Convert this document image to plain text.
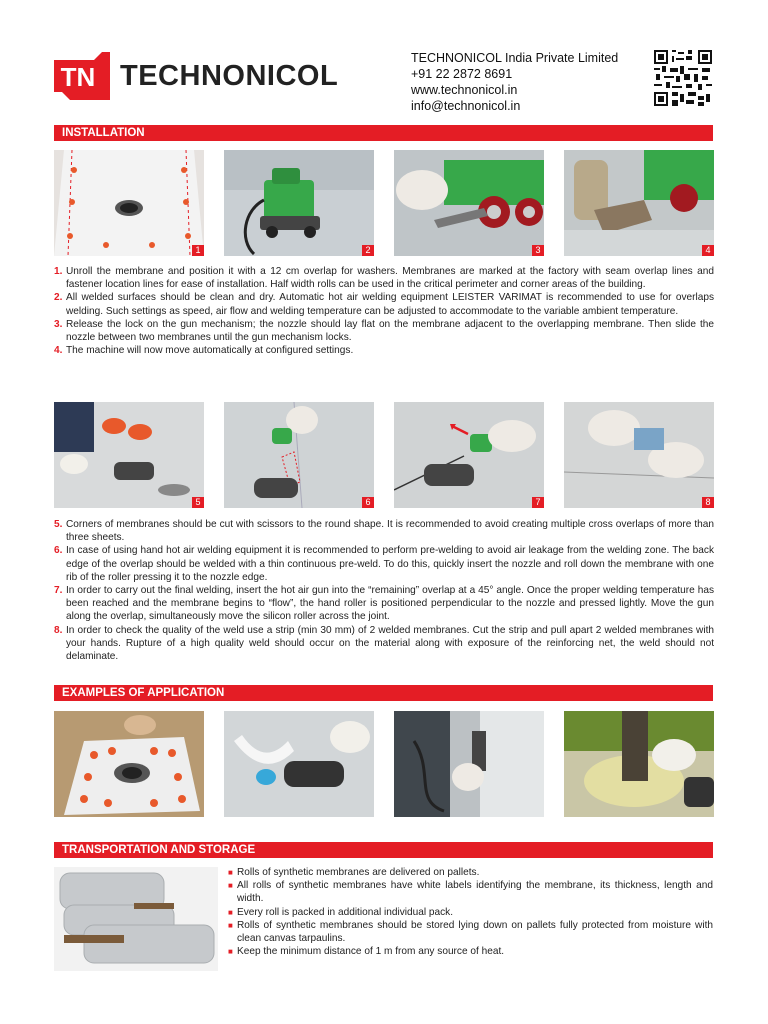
TN TECHNONICOL
TECHNONICOL India Private Limited
+91 22 2872 8691
www.technonicol.in
info@technonicol.in
INSTALLATION
1	2	3	4
1. Unroll the membrane and position it with a 12 cm overlap for washers. Membranes are marked at the factory with seam overlap lines and fastener location lines for ease of installation. Half width rolls can be used in the critical perimeter and corner areas of the building.
2. All welded surfaces should be clean and dry. Automatic hot air welding equipment LEISTER VARIMAT is recommended to use for overlaps welding. Such settings as speed, air flow and welding temperature can be adjusted to accommodate to the variable ambient temperature.
3. Release the lock on the gun mechanism; the nozzle should lay flat on the membrane adjacent to the overlapping membrane. Then slide the nozzle between two membranes until the gun mechanism locks.
4. The machine will now move automatically at configured settings.
5	6	7	8
5. Corners of membranes should be cut with scissors to the round shape. It is recommended to avoid creating multiple cross overlaps of more than three sheets.
6. In case of using hand hot air welding equipment it is recommended to perform pre-welding to avoid air leakage from the welding zone. The back edge of the overlap should be welded with a thin continuous pre-weld. To do this, quickly insert the nozzle and roll down the membrane with one rib of the roller pressing it to the nozzle edge.
7. In order to carry out the final welding, insert the hot air gun into the “remaining” overlap at a 45° angle. Once the proper welding temperature has been reached and the membrane begins to “flow”, the hand roller is positioned perpendicular to the nozzle and pressed lightly. Move the gun along the overlap, simultaneously move the silicon roller across the joint.
8. In order to check the quality of the weld use a strip (min 30 mm) of 2 welded membranes. Cut the strip and pull apart 2 welded membranes with your hands. Rupture of a high quality weld should occur on the material along with exposure of the reinforcing net, the weld should not delaminate.
EXAMPLES OF APPLICATION
TRANSPORTATION AND STORAGE
■ Rolls of synthetic membranes are delivered on pallets.
■ All rolls of synthetic membranes have white labels identifying the membrane, its thickness, length and width.
■ Every roll is packed in additional individual pack.
■ Rolls of synthetic membranes should be stored lying down on pallets fully protected from moisture with clean canvas tarpaulins.
■ Keep the minimum distance of 1 m from any source of heat.
